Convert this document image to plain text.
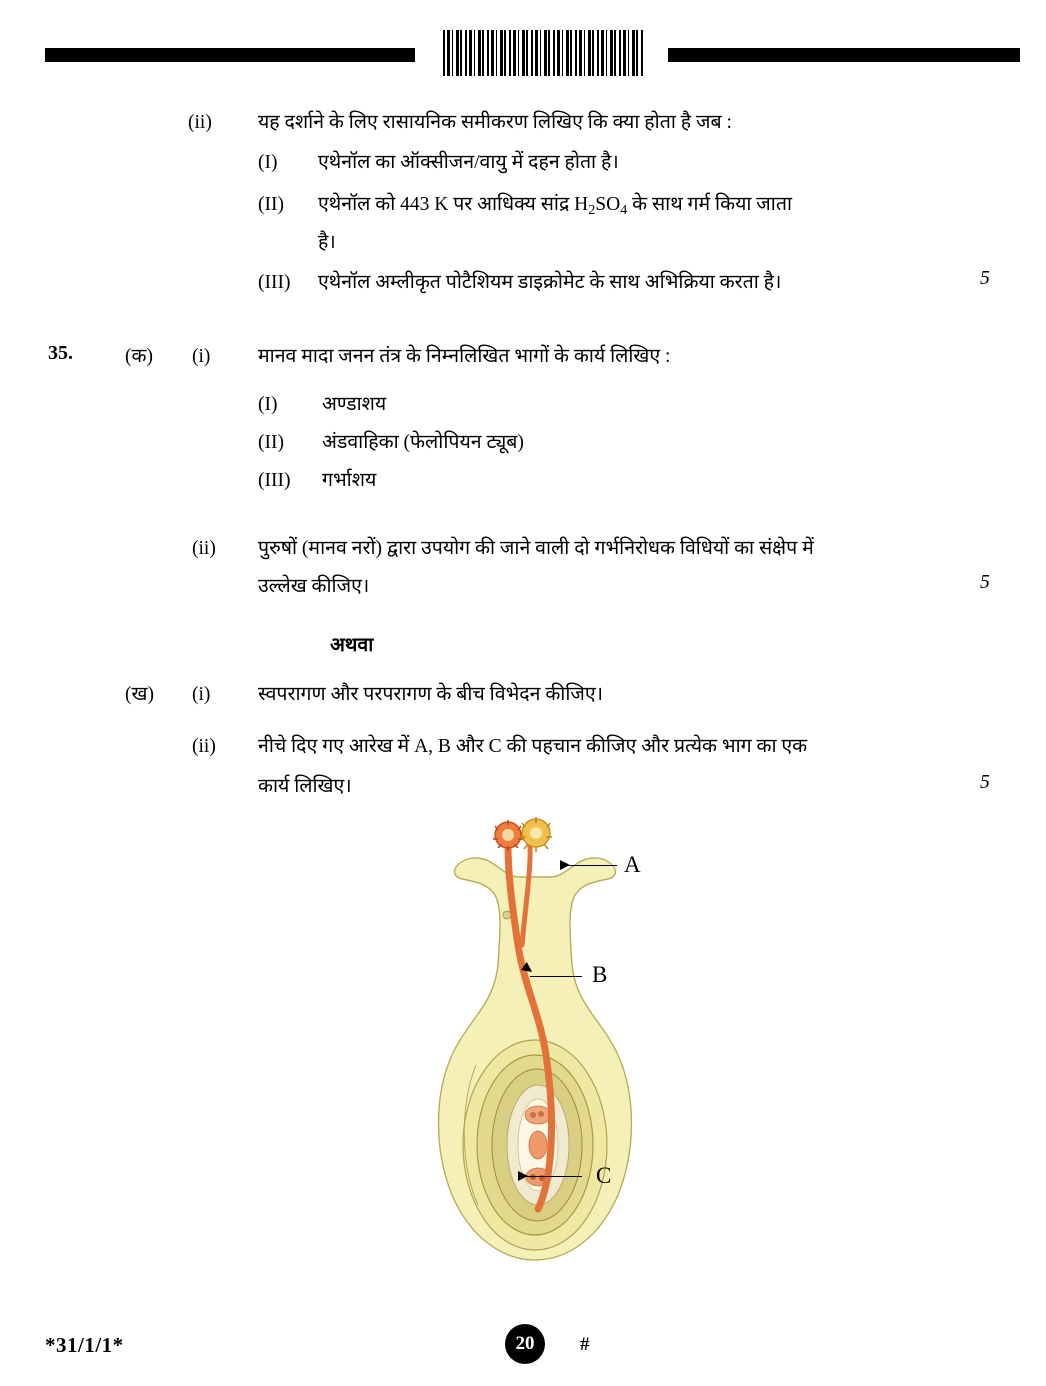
(ii) यह दर्शाने के लिए रासायनिक समीकरण लिखिए कि क्या होता है जब :
(I) एथेनॉल का ऑक्सीजन/वायु में दहन होता है।
(II) एथेनॉल को 443 K पर आधिक्य सांद्र $H_2SO_4$ के साथ गर्म किया जाता
है।
(III) एथेनॉल अम्लीकृत पोटैशियम डाइक्रोमेट के साथ अभिक्रिया करता है।	5
35.	(क) (i) मानव मादा जनन तंत्र के निम्नलिखित भागों के कार्य लिखिए :
(I) अण्डाशय
(II) अंडवाहिका (फेलोपियन ट्यूब)
(III) गर्भाशय
(ii) पुरुषों (मानव नरों) द्वारा उपयोग की जाने वाली दो गर्भनिरोधक विधियों का संक्षेप में
उल्लेख कीजिए।	5
अथवा
(ख) (i) स्वपरागण और परपरागण के बीच विभेदन कीजिए।
(ii) नीचे दिए गए आरेख में A, B और C की पहचान कीजिए और प्रत्येक भाग का एक
कार्य लिखिए।	5
A
B
C
*31/1/1*	20	#
